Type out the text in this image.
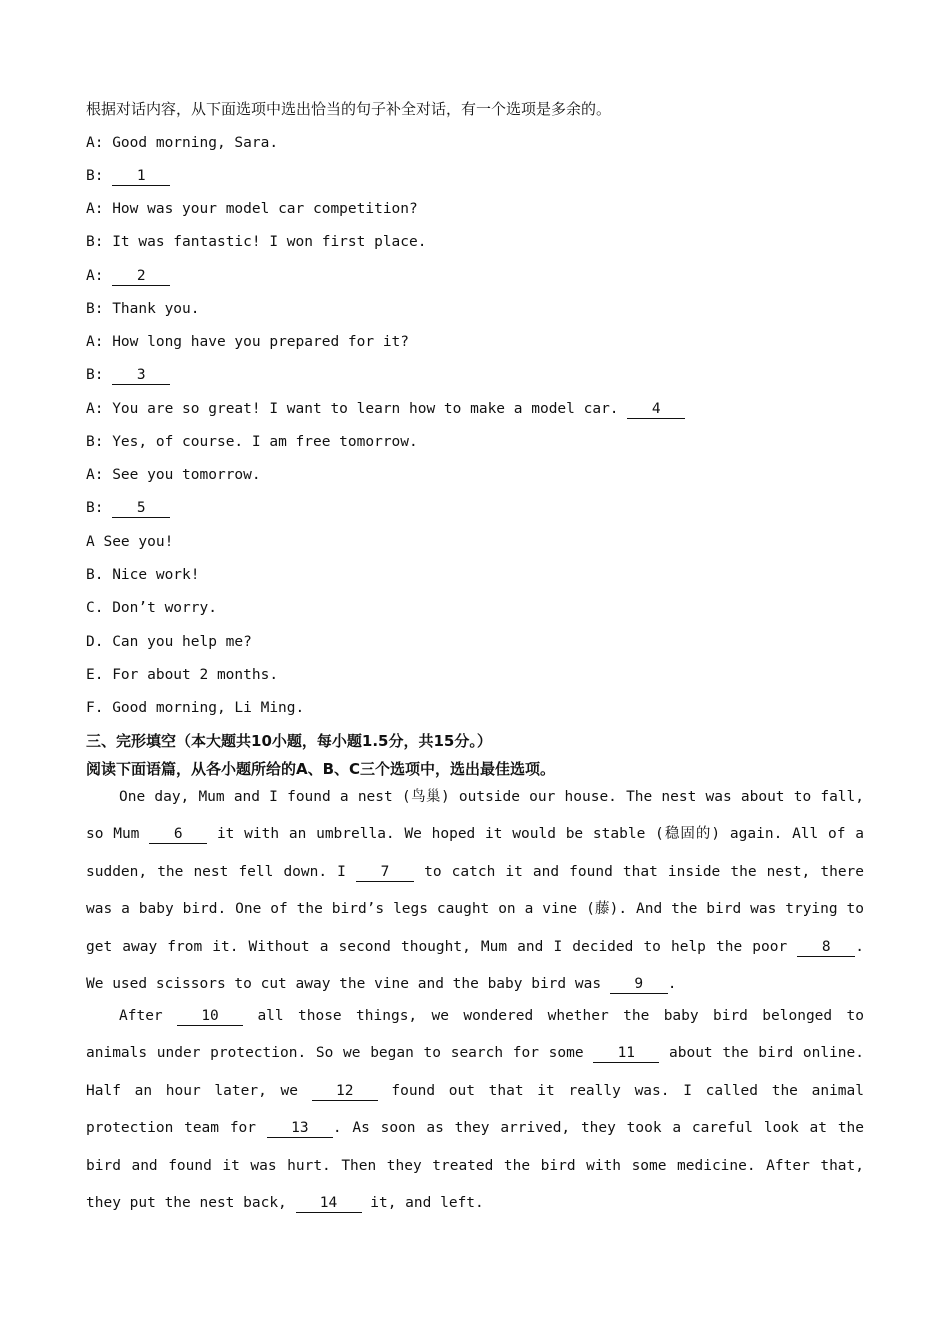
根据对话内容，从下面选项中选出恰当的句子补全对话，有一个选项是多余的。
A: Good morning, Sara.
B: 1
A: How was your model car competition?
B: It was fantastic! I won first place.
A: 2
B: Thank you.
A: How long have you prepared for it?
B: 3
A: You are so great! I want to learn how to make a model car. 4
B: Yes, of course. I am free tomorrow.
A: See you tomorrow.
B: 5
A See you!
B. Nice work!
C. Don’t worry.
D. Can you help me?
E. For about 2 months.
F. Good morning, Li Ming.
三、完形填空（本大题共10小题，每小题1.5分，共15分。）
阅读下面语篇，从各小题所给的A、B、C三个选项中，选出最佳选项。
One day, Mum and I found a nest (鸟巢) outside our house. The nest was about to fall, so Mum 6 it with an umbrella. We hoped it would be stable (稳固的) again. All of a sudden, the nest fell down. I 7 to catch it and found that inside the nest, there was a baby bird. One of the bird’s legs caught on a vine (藤). And the bird was trying to get away from it. Without a second thought, Mum and I decided to help the poor 8 . We used scissors to cut away the vine and the baby bird was 9 .
After	10	all those things, we wondered whether the baby bird belonged to animals under protection. So we began to search for some 11 about the bird online. Half an hour later, we	12	found out that it really was. I called the animal protection team for 13 . As soon as they arrived, they took a careful look at the bird and found it was hurt. Then they treated the bird with some medicine. After that, they put the nest back, 14 it, and left.
